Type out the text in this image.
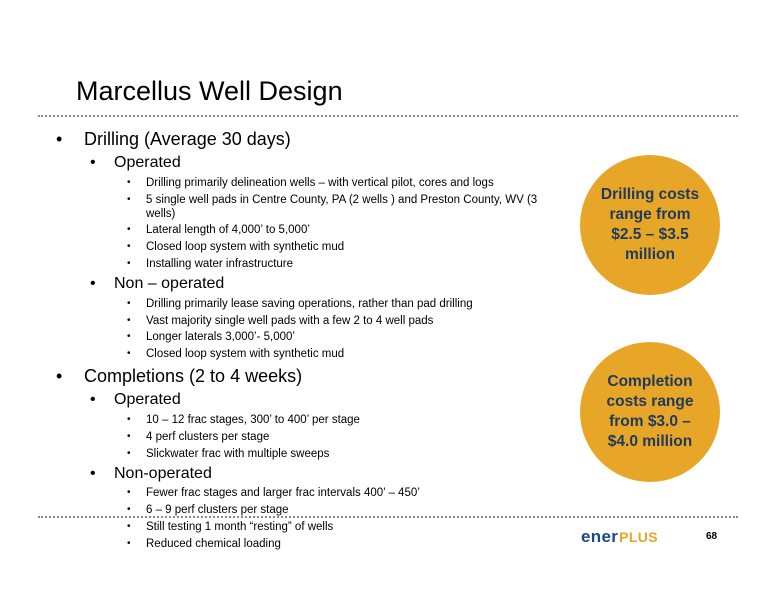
Marcellus Well Design
• Drilling (Average 30 days)
• Operated
• Drilling primarily delineation wells – with vertical pilot, cores and logs
• 5 single well pads in Centre County, PA (2 wells ) and Preston County, WV (3 wells)
• Lateral length of 4,000’ to 5,000’
• Closed loop system with synthetic mud
• Installing water infrastructure
• Non – operated
• Drilling primarily lease saving operations, rather than pad drilling
• Vast majority single well pads with a few 2 to 4 well pads
• Longer laterals 3,000’- 5,000’
• Closed loop system with synthetic mud
• Completions (2 to 4 weeks)
• Operated
• 10 – 12 frac stages, 300’ to 400’ per stage
• 4 perf clusters per stage
• Slickwater frac with multiple sweeps
• Non-operated
• Fewer frac stages and larger frac intervals 400’ – 450’
• 6 – 9 perf clusters per stage
• Still testing 1 month “resting” of wells
• Reduced chemical loading
Drilling costs range from $2.5 – $3.5 million
Completion costs range from $3.0 – $4.0 million
ener PLUS	68
